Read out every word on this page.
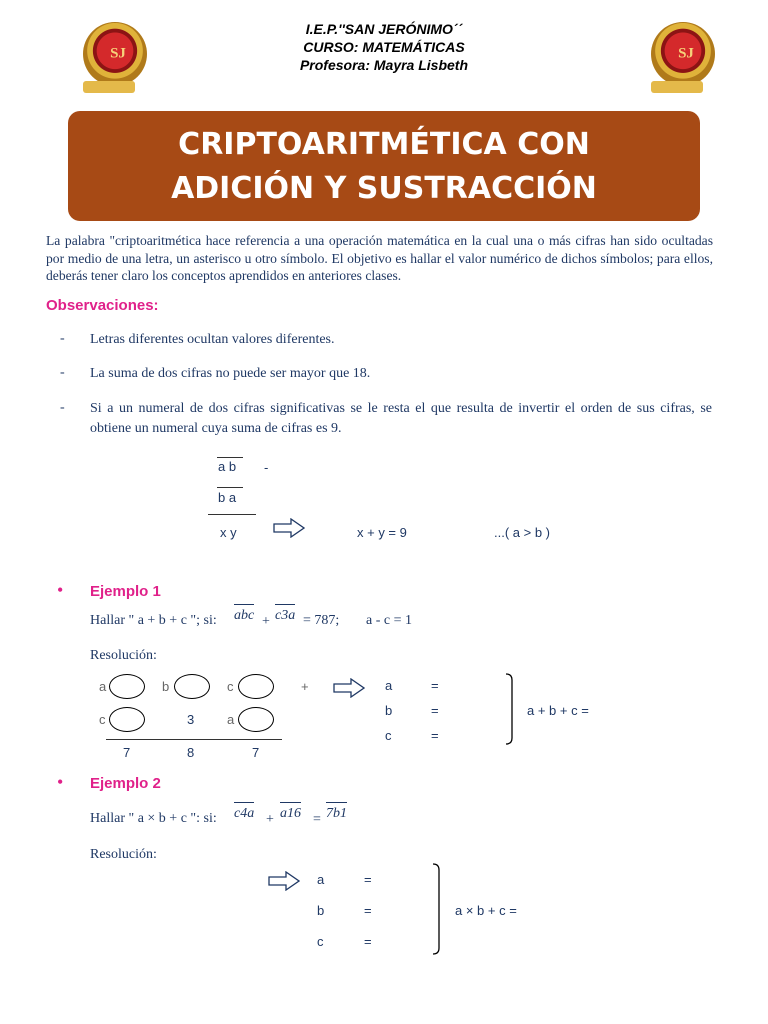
SJ	SJ
I.E.P.''SAN JERÓNIMO´´
CURSO: MATEMÁTICAS
Profesora: Mayra Lisbeth
CRIPTOARITMÉTICA CON
ADICIÓN Y SUSTRACCIÓN
La palabra "criptoaritmética hace referencia a una operación matemática en la cual una o más cifras han sido ocultadas por medio de una letra, un asterisco u otro símbolo. El objetivo es hallar el valor numérico de dichos símbolos; para ellos, deberás tener claro los conceptos aprendidos en anteriores clases.
Observaciones:
- Letras diferentes ocultan valores diferentes.
- La suma de dos cifras no puede ser mayor que 18.
- Si a un numeral de dos cifras significativas se le resta el que resulta de invertir el orden de sus cifras, se obtiene un numeral cuya suma de cifras es 9.
a b -
b a
x y	x + y = 9	...( a > b )
• Ejemplo 1
Hallar " a + b + c "; si: abc + c3a = 787; a - c = 1
Resolución:
a	b	c	+
c	3	a
7	8	7
a	=
b	=
c	=
a + b + c =
• Ejemplo 2
Hallar " a × b + c ": si: c4a + a16 = 7b1
Resolución:
a	=
b	=
c	=
a × b + c =
